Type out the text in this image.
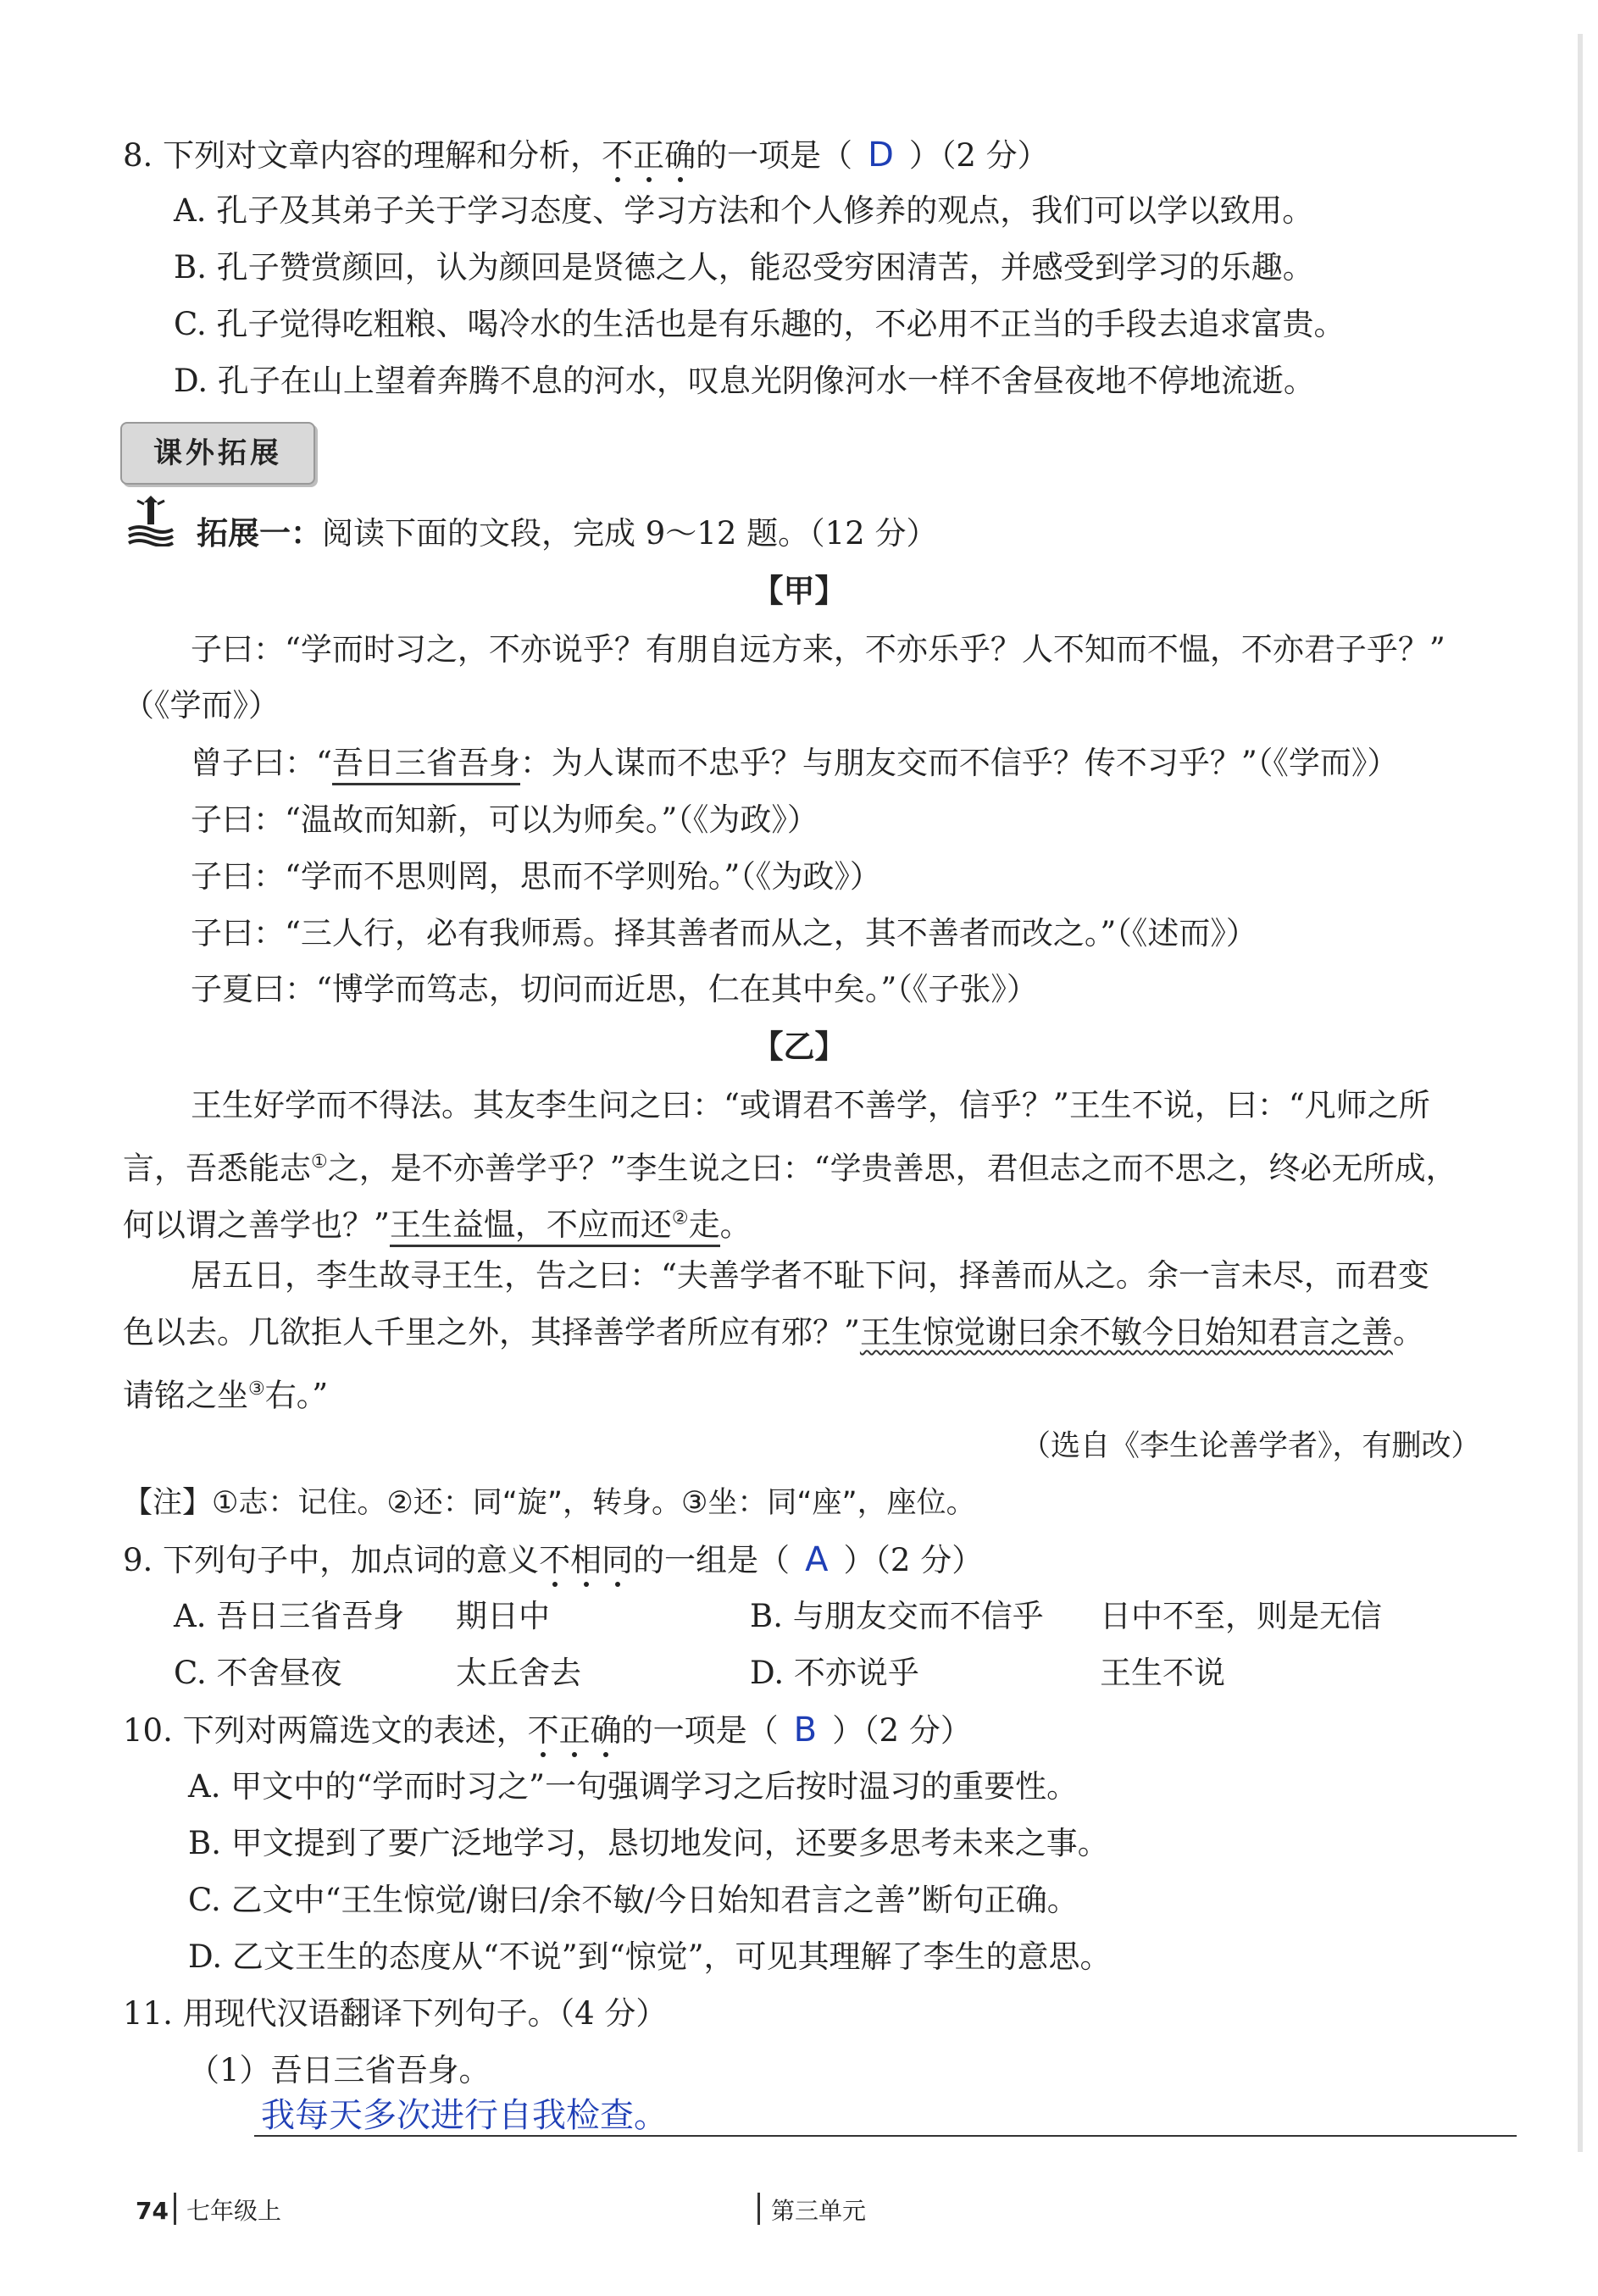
8. 下列对文章内容的理解和分析，不正确的一项是（ D ）（2 分）
A. 孔子及其弟子关于学习态度、学习方法和个人修养的观点，我们可以学以致用。
B. 孔子赞赏颜回，认为颜回是贤德之人，能忍受穷困清苦，并感受到学习的乐趣。
C. 孔子觉得吃粗粮、喝冷水的生活也是有乐趣的，不必用不正当的手段去追求富贵。
D. 孔子在山上望着奔腾不息的河水，叹息光阴像河水一样不舍昼夜地不停地流逝。
课外拓展
拓展一：阅读下面的文段，完成 9～12 题。（12 分）
【甲】
子曰：“学而时习之，不亦说乎？有朋自远方来，不亦乐乎？人不知而不愠，不亦君子乎？”
（《学而》）
曾子曰：“吾日三省吾身：为人谋而不忠乎？与朋友交而不信乎？传不习乎？”（《学而》）
子曰：“温故而知新，可以为师矣。”（《为政》）
子曰：“学而不思则罔，思而不学则殆。”（《为政》）
子曰：“三人行，必有我师焉。择其善者而从之，其不善者而改之。”（《述而》）
子夏曰：“博学而笃志，切问而近思，仁在其中矣。”（《子张》）
【乙】
王生好学而不得法。其友李生问之曰：“或谓君不善学，信乎？”王生不说，曰：“凡师之所
言，吾悉能志①之，是不亦善学乎？”李生说之曰：“学贵善思，君但志之而不思之，终必无所成，
何以谓之善学也？”王生益愠，不应而还②走。
居五日，李生故寻王生，告之曰：“夫善学者不耻下问，择善而从之。余一言未尽，而君变
色以去。几欲拒人千里之外，其择善学者所应有邪？”王生惊觉谢曰余不敏今日始知君言之善。
请铭之坐③右。”
（选自《李生论善学者》，有删改）
【注】①志：记住。②还：同“旋”，转身。③坐：同“座”，座位。
9. 下列句子中，加点词的意义不相同的一组是（ A ）（2 分）
A. 吾日三省吾身 期日中	B. 与朋友交而不信乎 日中不至，则是无信
C. 不舍昼夜	太丘舍去	D. 不亦说乎	王生不说
10. 下列对两篇选文的表述，不正确的一项是（ B ）（2 分）
A. 甲文中的“学而时习之”一句强调学习之后按时温习的重要性。
B. 甲文提到了要广泛地学习，恳切地发问，还要多思考未来之事。
C. 乙文中“王生惊觉/谢曰/余不敏/今日始知君言之善”断句正确。
D. 乙文王生的态度从“不说”到“惊觉”，可见其理解了李生的意思。
11. 用现代汉语翻译下列句子。（4 分）
（1）吾日三省吾身。
我每天多次进行自我检查。
74 七年级上	第三单元
